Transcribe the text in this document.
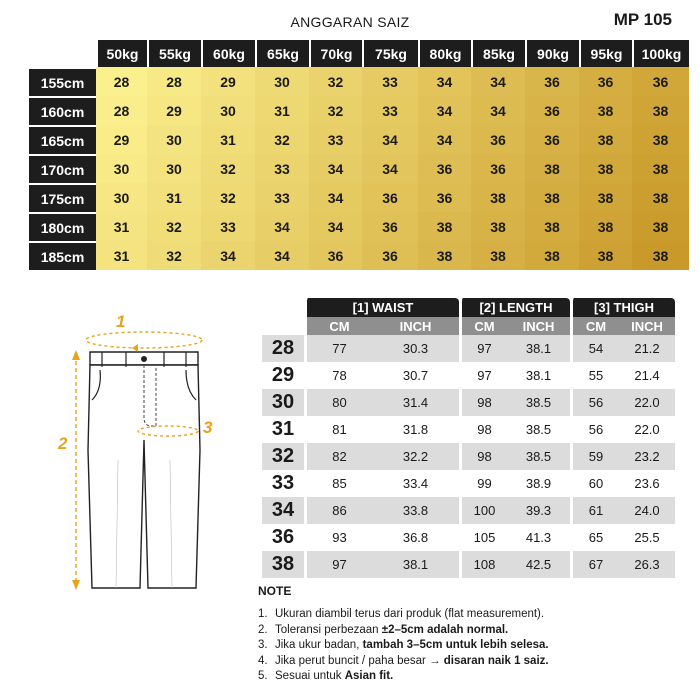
ANGGARAN SAIZ	MP 105
	50kg	55kg	60kg	65kg	70kg	75kg	80kg	85kg	90kg	95kg	100kg
155cm	28	28	29	30	32	33	34	34	36	36	36
160cm	28	29	30	31	32	33	34	34	36	38	38
165cm	29	30	31	32	33	34	34	36	36	38	38
170cm	30	30	32	33	34	34	36	36	38	38	38
175cm	30	31	32	33	34	36	36	38	38	38	38
180cm	31	32	33	34	34	36	38	38	38	38	38
185cm	31	32	34	34	36	36	38	38	38	38	38
1
2
3
	[1] WAIST		[2] LENGTH		[3] THIGH	
	CM	INCH	CM	INCH	CM	INCH
28	77	30.3	97	38.1	54	21.2
29	78	30.7	97	38.1	55	21.4
30	80	31.4	98	38.5	56	22.0
31	81	31.8	98	38.5	56	22.0
32	82	32.2	98	38.5	59	23.2
33	85	33.4	99	38.9	60	23.6
34	86	33.8	100	39.3	61	24.0
36	93	36.8	105	41.3	65	25.5
38	97	38.1	108	42.5	67	26.3
NOTE
1. Ukuran diambil terus dari produk (flat measurement).
2. Toleransi perbezaan ±2–5cm adalah normal.
3. Jika ukur badan, tambah 3–5cm untuk lebih selesa.
4. Jika perut buncit / paha besar → disaran naik 1 saiz.
5. Sesuai untuk Asian fit.
